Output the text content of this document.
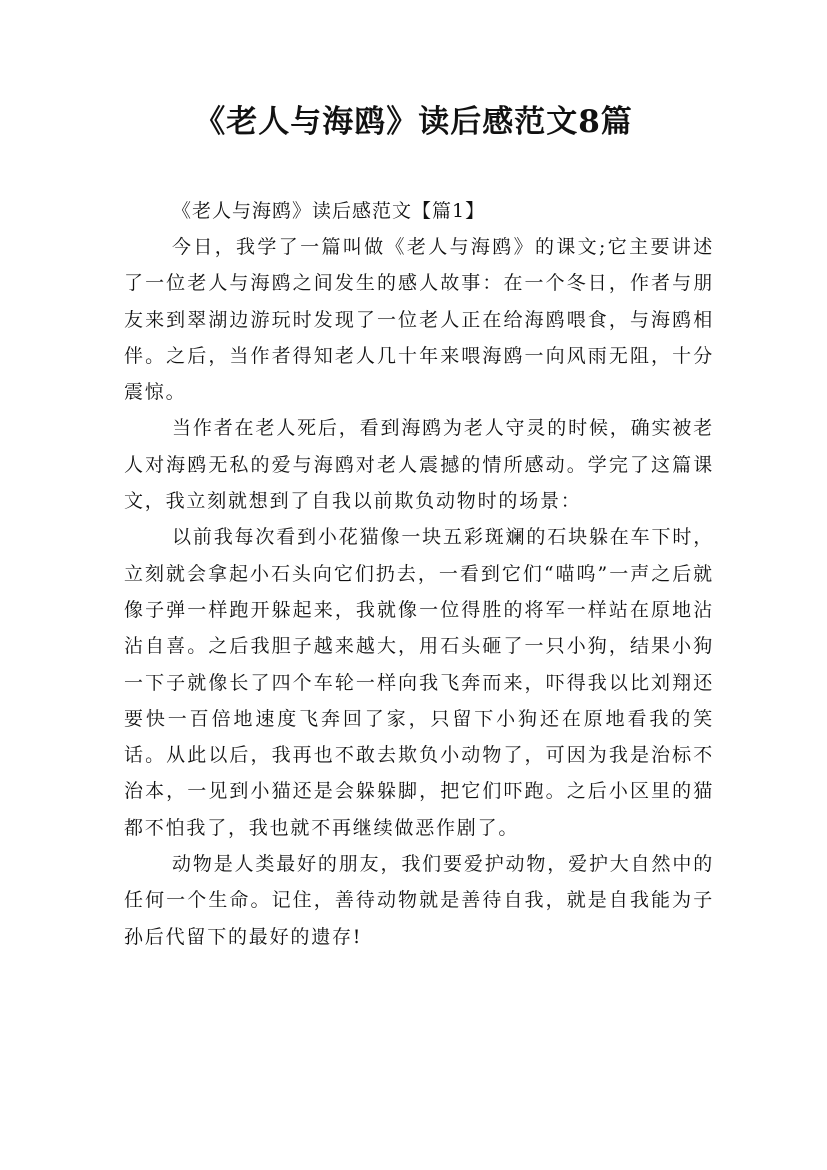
《老人与海鸥》读后感范文8篇

《老人与海鸥》读后感范文【篇1】

今日，我学了一篇叫做《老人与海鸥》的课文;它主要讲述了一位老人与海鸥之间发生的感人故事：在一个冬日，作者与朋友来到翠湖边游玩时发现了一位老人正在给海鸥喂食，与海鸥相伴。之后，当作者得知老人几十年来喂海鸥一向风雨无阻，十分震惊。

当作者在老人死后，看到海鸥为老人守灵的时候，确实被老人对海鸥无私的爱与海鸥对老人震撼的情所感动。学完了这篇课文，我立刻就想到了自我以前欺负动物时的场景：

以前我每次看到小花猫像一块五彩斑斓的石块躲在车下时，立刻就会拿起小石头向它们扔去，一看到它们“喵呜”一声之后就像子弹一样跑开躲起来，我就像一位得胜的将军一样站在原地沾沾自喜。之后我胆子越来越大，用石头砸了一只小狗，结果小狗一下子就像长了四个车轮一样向我飞奔而来，吓得我以比刘翔还要快一百倍地速度飞奔回了家，只留下小狗还在原地看我的笑话。从此以后，我再也不敢去欺负小动物了，可因为我是治标不治本，一见到小猫还是会躲躲脚，把它们吓跑。之后小区里的猫都不怕我了，我也就不再继续做恶作剧了。

动物是人类最好的朋友，我们要爱护动物，爱护大自然中的任何一个生命。记住，善待动物就是善待自我，就是自我能为子孙后代留下的最好的遗存!
